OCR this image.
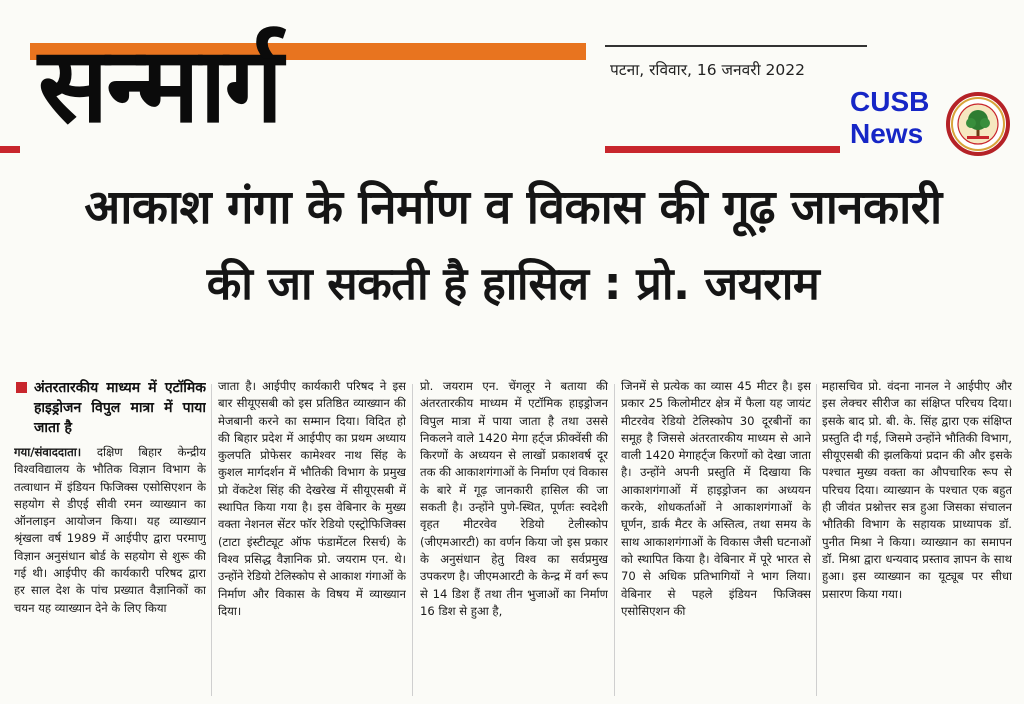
सन्मार्ग	पटना, रविवार, 16 जनवरी 2022
CUSB
News
आकाश गंगा के निर्माण व विकास की गूढ़ जानकारी
की जा सकती है हासिल : प्रो. जयराम
अंतरतारकीय माध्यम में एटॉमिक हाइड्रोजन विपुल मात्रा में पाया जाता है

गया/संवाददाता। दक्षिण बिहार केन्द्रीय विश्वविद्यालय के भौतिक विज्ञान विभाग के तत्वाधान में इंडियन फिजिक्स एसोसिएशन के सहयोग से डीएई सीवी रमन व्याख्यान का ऑनलाइन आयोजन किया। यह व्याख्यान श्रृंखला वर्ष 1989 में आईपीए द्वारा परमाणु विज्ञान अनुसंधान बोर्ड के सहयोग से शुरू की गई थी। आईपीए की कार्यकारी परिषद द्वारा हर साल देश के पांच प्रख्यात वैज्ञानिकों का चयन यह व्याख्यान देने के लिए किया

जाता है। आईपीए कार्यकारी परिषद ने इस बार सीयूएसबी को इस प्रतिष्ठित व्याख्यान की मेजबानी करने का सम्मान दिया। विदित हो की बिहार प्रदेश में आईपीए का प्रथम अध्याय कुलपति प्रोफेसर कामेश्वर नाथ सिंह के कुशल मार्गदर्शन में भौतिकी विभाग के प्रमुख प्रो वेंकटेश सिंह की देखरेख में सीयूएसबी में स्थापित किया गया है। इस वेबिनार के मुख्य वक्ता नेशनल सेंटर फॉर रेडियो एस्ट्रोफिजिक्स (टाटा इंस्टीट्यूट ऑफ फंडामेंटल रिसर्च) के विश्व प्रसिद्ध वैज्ञानिक प्रो. जयराम एन. थे। उन्होंने रेडियो टेलिस्कोप से आकाश गंगाओं के निर्माण और विकास के विषय में व्याख्यान दिया।

प्रो. जयराम एन. चेंगलूर ने बताया की अंतरतारकीय माध्यम में एटॉमिक हाइड्रोजन विपुल मात्रा में पाया जाता है तथा उससे निकलने वाले 1420 मेगा हर्ट्ज फ्रीक्वेंसी की किरणों के अध्ययन से लाखों प्रकाशवर्ष दूर तक की आकाशगंगाओं के निर्माण एवं विकास के बारे में गूढ़ जानकारी हासिल की जा सकती है। उन्होंने पुणे-स्थित, पूर्णतः स्वदेशी वृहत मीटरवेव रेडियो टेलीस्कोप (जीएमआरटी) का वर्णन किया जो इस प्रकार के अनुसंधान हेतु विश्व का सर्वप्रमुख उपकरण है। जीएमआरटी के केन्द्र में वर्ग रूप से 14 डिश हैं तथा तीन भुजाओं का निर्माण 16 डिश से हुआ है,

जिनमें से प्रत्येक का व्यास 45 मीटर है। इस प्रकार 25 किलोमीटर क्षेत्र में फैला यह जायंट मीटरवेव रेडियो टेलिस्कोप 30 दूरबीनों का समूह है जिससे अंतरतारकीय माध्यम से आने वाली 1420 मेगाहर्ट्ज किरणों को देखा जाता है। उन्होंने अपनी प्रस्तुति में दिखाया कि आकाशगंगाओं में हाइड्रोजन का अध्ययन करके, शोधकर्ताओं ने आकाशगंगाओं के घूर्णन, डार्क मैटर के अस्तित्व, तथा समय के साथ आकाशगंगाओं के विकास जैसी घटनाओं को स्थापित किया है। वेबिनार में पूरे भारत से 70 से अधिक प्रतिभागियों ने भाग लिया। वेबिनार से पहले इंडियन फिजिक्स एसोसिएशन की

महासचिव प्रो. वंदना नानल ने आईपीए और इस लेक्चर सीरीज का संक्षिप्त परिचय दिया। इसके बाद प्रो. बी. के. सिंह द्वारा एक संक्षिप्त प्रस्तुति दी गई, जिसमे उन्होंने भौतिकी विभाग, सीयूएसबी की झलकियां प्रदान की और इसके पश्चात मुख्य वक्ता का औपचारिक रूप से परिचय दिया। व्याख्यान के पश्चात एक बहुत ही जीवंत प्रश्नोत्तर सत्र हुआ जिसका संचालन भौतिकी विभाग के सहायक प्राध्यापक डॉ. पुनीत मिश्रा ने किया। व्याख्यान का समापन डॉ. मिश्रा द्वारा धन्यवाद प्रस्ताव ज्ञापन के साथ हुआ। इस व्याख्यान का यूट्यूब पर सीधा प्रसारण किया गया।
